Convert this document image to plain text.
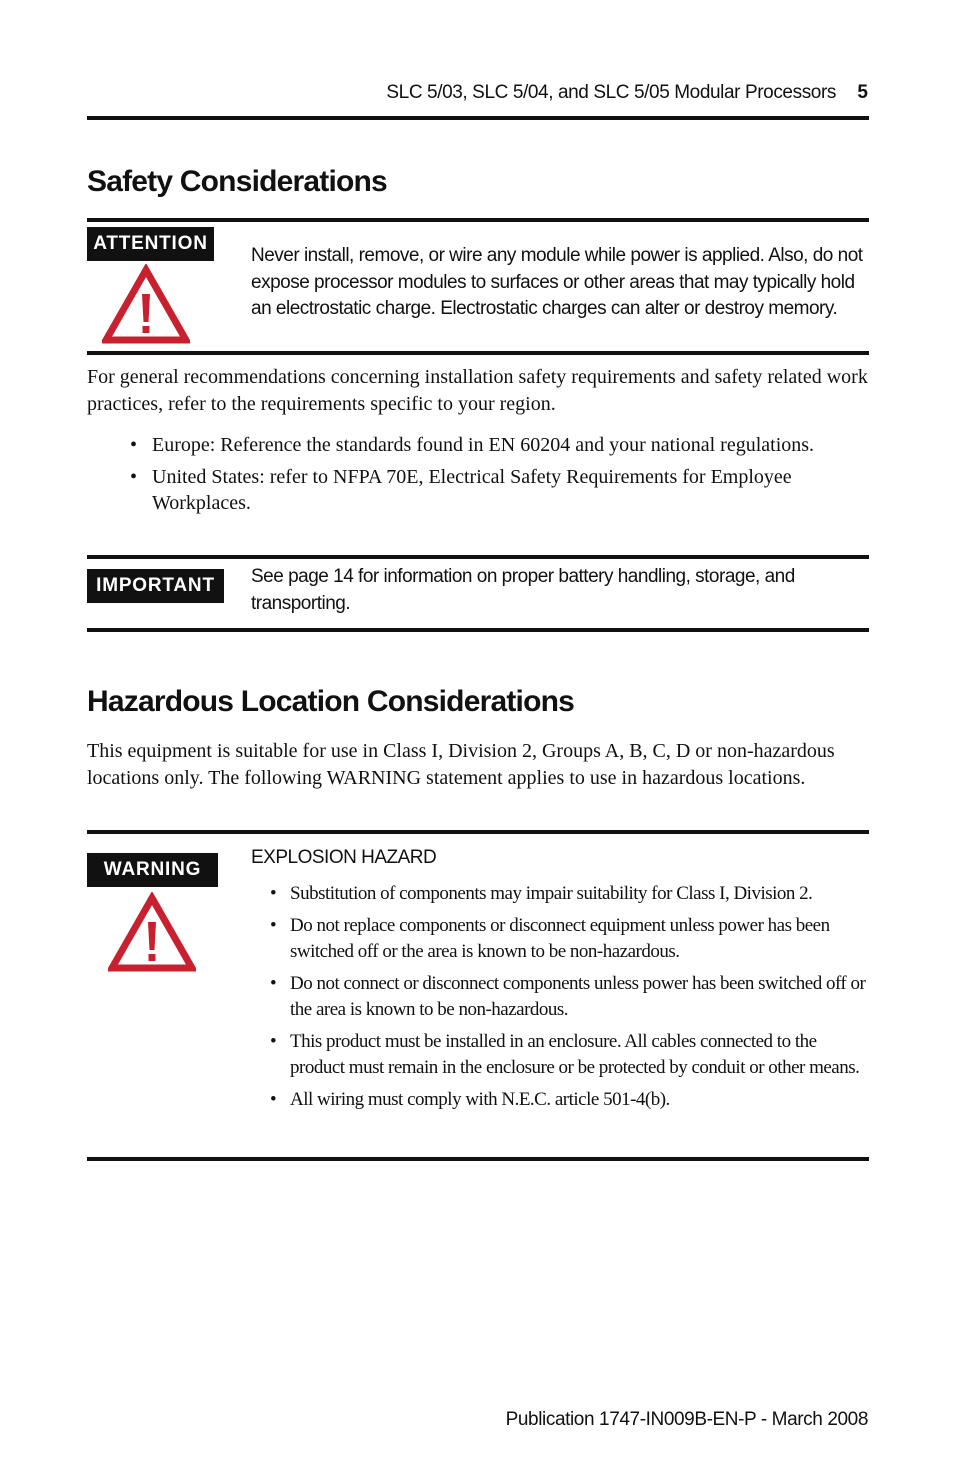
SLC 5/03, SLC 5/04, and SLC 5/05 Modular Processors 5
Safety Considerations
ATTENTION
Never install, remove, or wire any module while power is applied. Also, do not expose processor modules to surfaces or other areas that may typically hold an electrostatic charge. Electrostatic charges can alter or destroy memory.

For general recommendations concerning installation safety requirements and safety related work practices, refer to the requirements specific to your region.

• Europe: Reference the standards found in EN 60204 and your national regulations.
• United States: refer to NFPA 70E, Electrical Safety Requirements for Employee Workplaces.
IMPORTANT	See page 14 for information on proper battery handling, storage, and transporting.
Hazardous Location Considerations

This equipment is suitable for use in Class I, Division 2, Groups A, B, C, D or non-hazardous locations only. The following WARNING statement applies to use in hazardous locations.

WARNING
EXPLOSION HAZARD
• Substitution of components may impair suitability for Class I, Division 2.
• Do not replace components or disconnect equipment unless power has been switched off or the area is known to be non-hazardous.
• Do not connect or disconnect components unless power has been switched off or the area is known to be non-hazardous.
• This product must be installed in an enclosure. All cables connected to the product must remain in the enclosure or be protected by conduit or other means.
• All wiring must comply with N.E.C. article 501-4(b).
Publication 1747-IN009B-EN-P - March 2008
